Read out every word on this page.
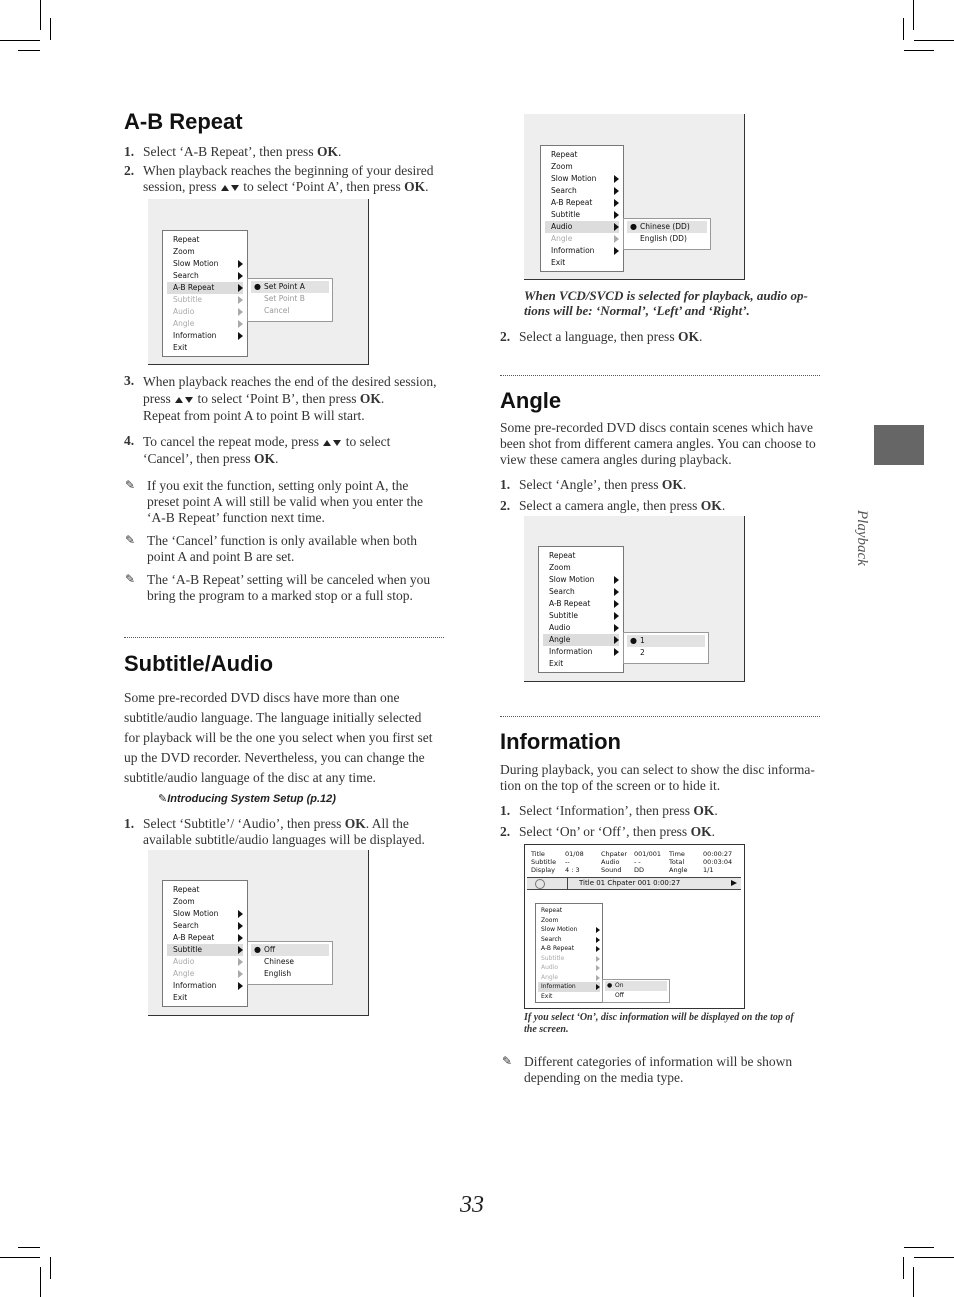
Playback
A-B Repeat
1. Select ‘A-B Repeat’, then press OK.
2. When playback reaches the beginning of your desired
session, press  to select ‘Point A’, then press OK.
Repeat
Zoom
Slow Motion
Search
A-B Repeat
Subtitle
Audio
Angle
Information
Exit
● Set Point A
Set Point B
Cancel
3. When playback reaches the end of the desired session,
press  to select ‘Point B’, then press OK.
Repeat from point A to point B will start.
4. To cancel the repeat mode, press  to select
‘Cancel’, then press OK.
✎ If you exit the function, setting only point A, the
preset point A will still be valid when you enter the
‘A-B Repeat’ function next time.
✎ The ‘Cancel’ function is only available when both
point A and point B are set.
✎ The ‘A-B Repeat’ setting will be canceled when you
bring the program to a marked stop or a full stop.
Subtitle/Audio
Some pre-recorded DVD discs have more than one
subtitle/audio language. The language initially selected
for playback will be the one you select when you first set
up the DVD recorder. Nevertheless, you can change the
subtitle/audio language of the disc at any time.
✎Introducing System Setup (p.12)
1. Select ‘Subtitle’/ ‘Audio’, then press OK. All the
available subtitle/audio languages will be displayed.
Repeat
Zoom
Slow Motion
Search
A-B Repeat
Subtitle
Audio
Angle
Information
Exit
● Off
Chinese
English
Repeat
Zoom
Slow Motion
Search
A-B Repeat
Subtitle
Audio
Angle
Information
Exit
● Chinese (DD)
English (DD)
When VCD/SVCD is selected for playback, audio op-
tions will be: ‘Normal’, ‘Left’ and ‘Right’.
2. Select a language, then press OK.
Angle
Some pre-recorded DVD discs contain scenes which have
been shot from different camera angles. You can choose to
view these camera angles during playback.
1. Select ‘Angle’, then press OK.
2. Select a camera angle, then press OK.
Repeat
Zoom
Slow Motion
Search
A-B Repeat
Subtitle
Audio
Angle
Information
Exit
● 1
2
Information
During playback, you can select to show the disc informa-
tion on the top of the screen or to hide it.
1. Select ‘Information’, then press OK.
2. Select ‘On’ or ‘Off’, then press OK.
Title
Subtitle
Display
01/08
--
4 : 3
Chpater
Audio
Sound
001/001
- -
DD
Time
Total
Angle
00:00:27
00:03:04
1/1
Title 01 Chpater 001 0:00:27
Repeat
Zoom
Slow Motion
Search
A-B Repeat
Subtitle
Audio
Angle
Information
Exit
● On
Off
If you select ‘On’, disc information will be displayed on the top of
the screen.
✎ Different categories of information will be shown
depending on the media type.
33
